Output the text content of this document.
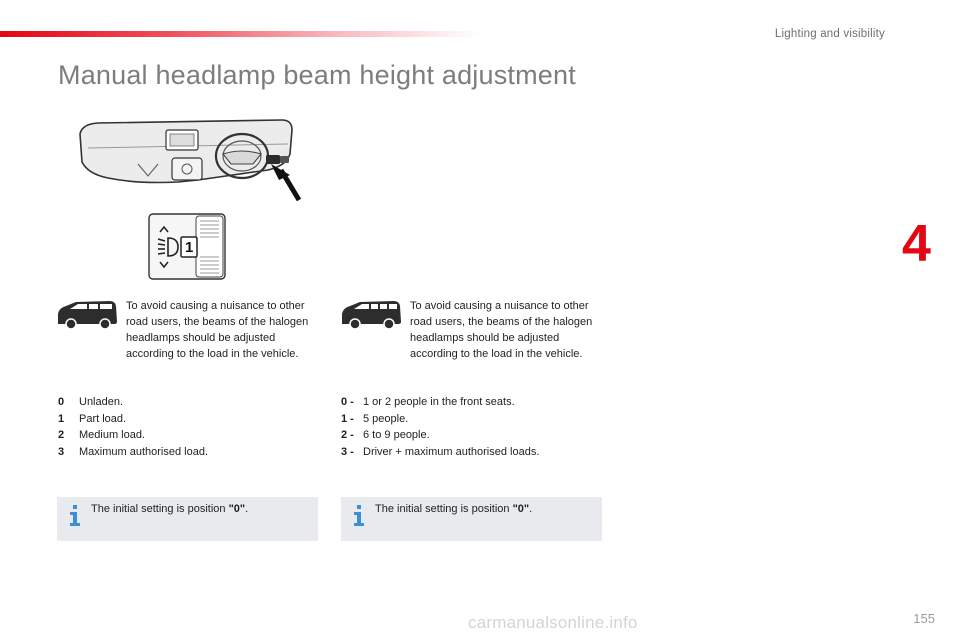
Lighting and visibility
Manual headlamp beam height adjustment
4
1

To avoid causing a nuisance to other road users, the beams of the halogen headlamps should be adjusted according to the load in the vehicle.

To avoid causing a nuisance to other road users, the beams of the halogen headlamps should be adjusted according to the load in the vehicle.

0	Unladen.
1	Part load.
2	Medium load.
3	Maximum authorised load.
0 - 1 or 2 people in the front seats.
1 - 5 people.
2 - 6 to 9 people.
3 - Driver + maximum authorised loads.
The initial setting is position "0".	The initial setting is position "0".
carmanualsonline.info	155
